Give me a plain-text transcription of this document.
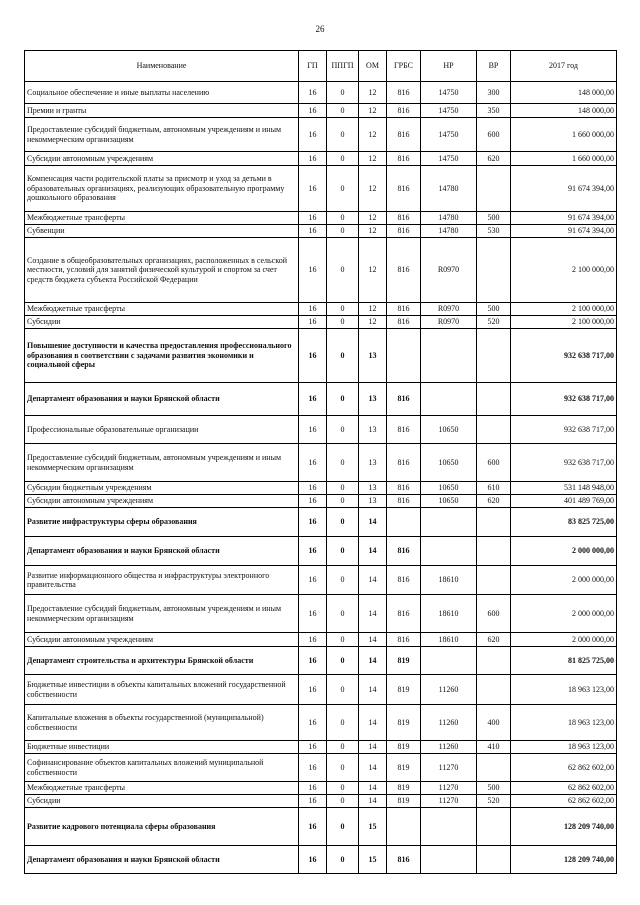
26
Наименование	ГП	ППГП	ОМ	ГРБС	НР	ВР	2017 год
Социальное обеспечение и иные выплаты населению	16	0	12	816	14750	300	148 000,00
Премии и гранты	16	0	12	816	14750	350	148 000,00
Предоставление субсидий бюджетным, автономным учреждениям и иным некоммерческим организациям	16	0	12	816	14750	600	1 660 000,00
Субсидии автономным учреждениям	16	0	12	816	14750	620	1 660 000,00
Компенсация части родительской платы за присмотр и уход за детьми в образовательных организациях, реализующих образовательную программу дошкольного образования	16	0	12	816	14780		91 674 394,00
Межбюджетные трансферты	16	0	12	816	14780	500	91 674 394,00
Субвенции	16	0	12	816	14780	530	91 674 394,00
Создание в общеобразовательных организациях, расположенных в сельской местности, условий для занятий физической культурой и спортом за счет средств бюджета субъекта Российской Федерации	16	0	12	816	R0970		2 100 000,00
Межбюджетные трансферты	16	0	12	816	R0970	500	2 100 000,00
Субсидии	16	0	12	816	R0970	520	2 100 000,00
Повышение доступности и качества предоставления профессионального образования в соответствии с задачами развития экономики и социальной сферы	16	0	13				932 638 717,00
Департамент образования и науки Брянской области	16	0	13	816			932 638 717,00
Профессиональные образовательные организации	16	0	13	816	10650		932 638 717,00
Предоставление субсидий бюджетным, автономным учреждениям и иным некоммерческим организациям	16	0	13	816	10650	600	932 638 717,00
Субсидии бюджетным учреждениям	16	0	13	816	10650	610	531 148 948,00
Субсидии автономным учреждениям	16	0	13	816	10650	620	401 489 769,00
Развитие инфраструктуры сферы образования	16	0	14				83 825 725,00
Департамент образования и науки Брянской области	16	0	14	816			2 000 000,00
Развитие информационного общества и инфраструктуры электронного правительства	16	0	14	816	18610		2 000 000,00
Предоставление субсидий бюджетным, автономным учреждениям и иным некоммерческим организациям	16	0	14	816	18610	600	2 000 000,00
Субсидии автономным учреждениям	16	0	14	816	18610	620	2 000 000,00
Департамент строительства и архитектуры Брянской области	16	0	14	819			81 825 725,00
Бюджетные инвестиции в объекты капитальных вложений государственной собственности	16	0	14	819	11260		18 963 123,00
Капитальные вложения в объекты государственной (муниципальной) собственности	16	0	14	819	11260	400	18 963 123,00
Бюджетные инвестиции	16	0	14	819	11260	410	18 963 123,00
Софинансирование объектов капитальных вложений муниципальной собственности	16	0	14	819	11270		62 862 602,00
Межбюджетные трансферты	16	0	14	819	11270	500	62 862 602,00
Субсидии	16	0	14	819	11270	520	62 862 602,00
Развитие кадрового потенциала сферы образования	16	0	15				128 209 740,00
Департамент образования и науки Брянской области	16	0	15	816			128 209 740,00
